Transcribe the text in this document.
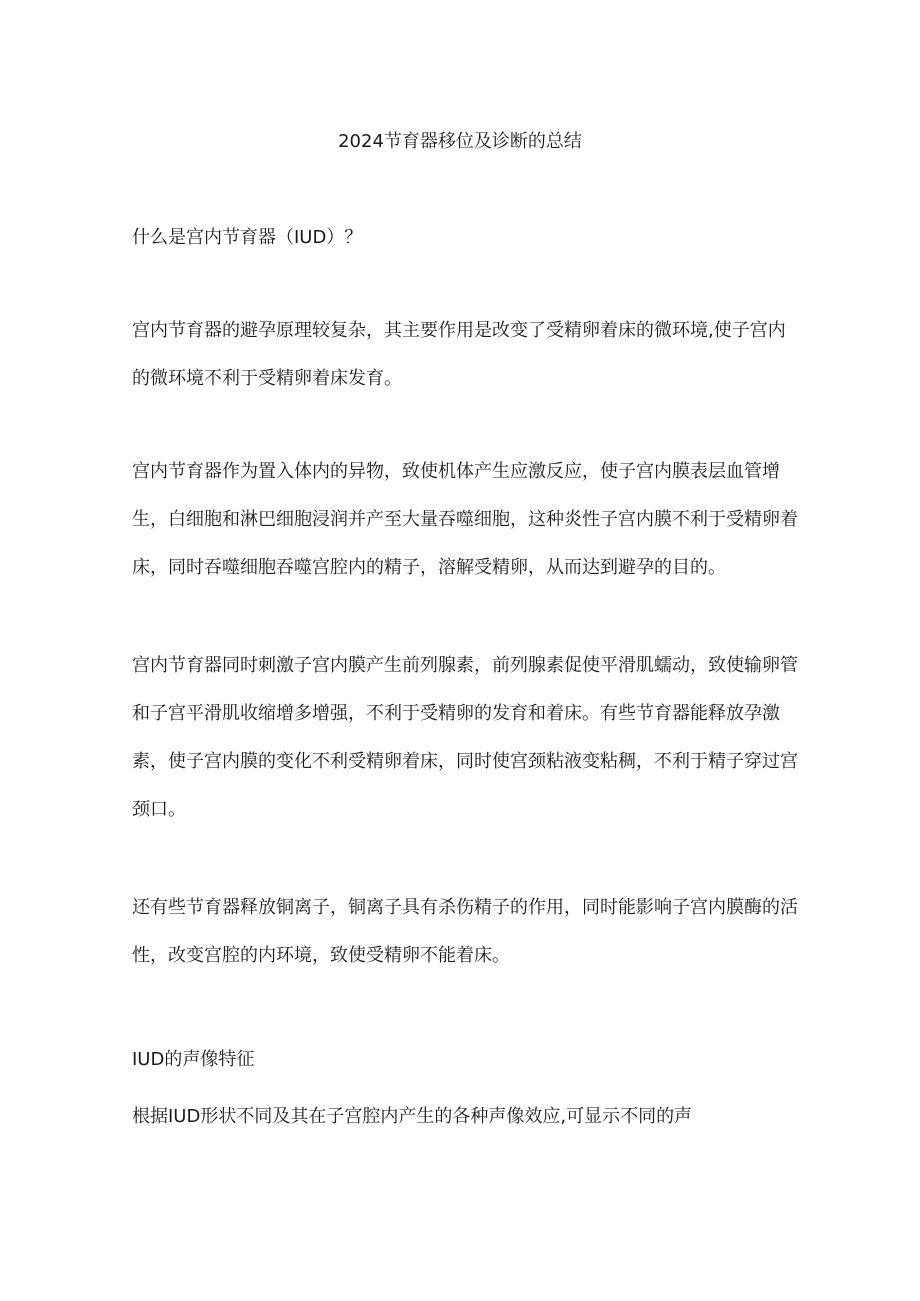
2024节育器移位及诊断的总结

什么是宫内节育器（IUD）？

宫内节育器的避孕原理较复杂，其主要作用是改变了受精卵着床的微环境,使子宫内的微环境不利于受精卵着床发育。

宫内节育器作为置入体内的异物，致使机体产生应激反应，使子宫内膜表层血管增生，白细胞和淋巴细胞浸润并产至大量吞噬细胞，这种炎性子宫内膜不利于受精卵着床，同时吞噬细胞吞噬宫腔内的精子，溶解受精卵，从而达到避孕的目的。

宫内节育器同时刺激子宫内膜产生前列腺素，前列腺素促使平滑肌蠕动，致使输卵管和子宫平滑肌收缩增多增强，不利于受精卵的发育和着床。有些节育器能释放孕激素，使子宫内膜的变化不利受精卵着床，同时使宫颈粘液变粘稠，不利于精子穿过宫颈口。

还有些节育器释放铜离子，铜离子具有杀伤精子的作用，同时能影响子宫内膜酶的活性，改变宫腔的内环境，致使受精卵不能着床。

IUD的声像特征

根据IUD形状不同及其在子宫腔内产生的各种声像效应,可显示不同的声
